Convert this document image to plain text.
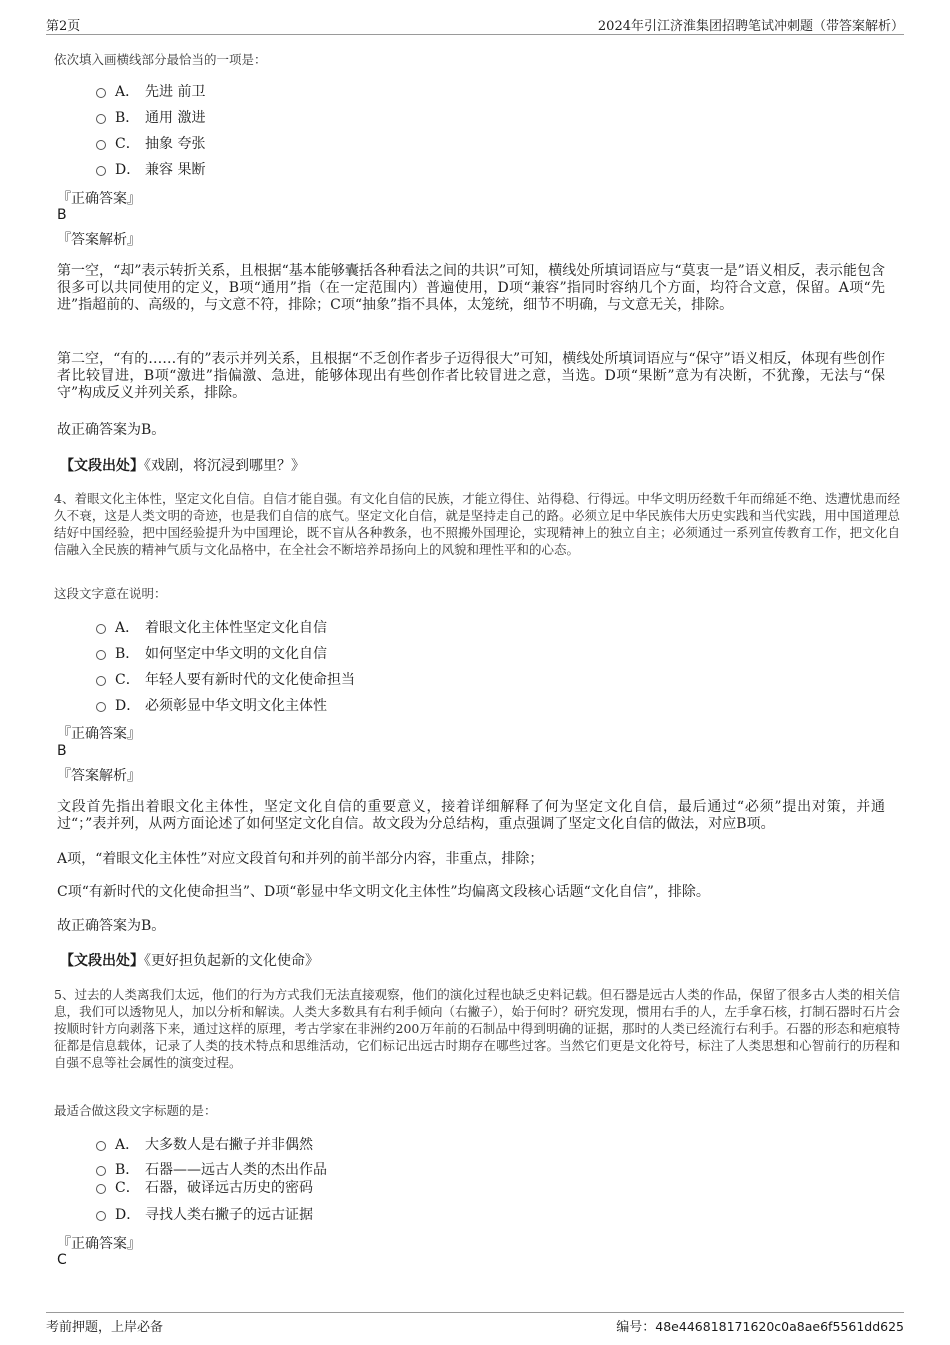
第2页	2024年引江济淮集团招聘笔试冲刺题（带答案解析）
依次填入画横线部分最恰当的一项是：
A． 先进 前卫
B． 通用 激进
C． 抽象 夸张
D． 兼容 果断
『正确答案』
B
『答案解析』
第一空，“却”表示转折关系，且根据“基本能够囊括各种看法之间的共识”可知，横线处所填词语应与“莫衷一是”语义相反，表示能包含很多可以共同使用的定义，B项“通用”指（在一定范围内）普遍使用，D项“兼容”指同时容纳几个方面，均符合文意，保留。A项“先进”指超前的、高级的，与文意不符，排除；C项“抽象”指不具体，太笼统，细节不明确，与文意无关，排除。
第二空，“有的……有的”表示并列关系，且根据“不乏创作者步子迈得很大”可知，横线处所填词语应与“保守”语义相反，体现有些创作者比较冒进，B项“激进”指偏激、急进，能够体现出有些创作者比较冒进之意，当选。D项“果断”意为有决断，不犹豫，无法与“保守”构成反义并列关系，排除。
故正确答案为B。
【文段出处】《戏剧，将沉浸到哪里？》
4、着眼文化主体性，坚定文化自信。自信才能自强。有文化自信的民族，才能立得住、站得稳、行得远。中华文明历经数千年而绵延不绝、迭遭忧患而经久不衰，这是人类文明的奇迹，也是我们自信的底气。坚定文化自信，就是坚持走自己的路。必须立足中华民族伟大历史实践和当代实践，用中国道理总结好中国经验，把中国经验提升为中国理论，既不盲从各种教条，也不照搬外国理论，实现精神上的独立自主；必须通过一系列宣传教育工作，把文化自信融入全民族的精神气质与文化品格中，在全社会不断培养昂扬向上的风貌和理性平和的心态。
这段文字意在说明：
A． 着眼文化主体性坚定文化自信
B． 如何坚定中华文明的文化自信
C． 年轻人要有新时代的文化使命担当
D． 必须彰显中华文明文化主体性
『正确答案』
B
『答案解析』
文段首先指出着眼文化主体性，坚定文化自信的重要意义，接着详细解释了何为坚定文化自信，最后通过“必须”提出对策，并通过“；”表并列，从两方面论述了如何坚定文化自信。故文段为分总结构，重点强调了坚定文化自信的做法，对应B项。
A项，“着眼文化主体性”对应文段首句和并列的前半部分内容，非重点，排除；
C项“有新时代的文化使命担当”、D项“彰显中华文明文化主体性”均偏离文段核心话题“文化自信”，排除。
故正确答案为B。
【文段出处】《更好担负起新的文化使命》
5、过去的人类离我们太远，他们的行为方式我们无法直接观察，他们的演化过程也缺乏史料记载。但石器是远古人类的作品，保留了很多古人类的相关信息，我们可以透物见人，加以分析和解读。人类大多数具有右利手倾向（右撇子），始于何时？研究发现，惯用右手的人，左手拿石核，打制石器时石片会按顺时针方向剥落下来，通过这样的原理，考古学家在非洲约200万年前的石制品中得到明确的证据，那时的人类已经流行右利手。石器的形态和疤痕特征都是信息载体，记录了人类的技术特点和思维活动，它们标记出远古时期存在哪些过客。当然它们更是文化符号，标注了人类思想和心智前行的历程和自强不息等社会属性的演变过程。
最适合做这段文字标题的是：
A． 大多数人是右撇子并非偶然
B． 石器——远古人类的杰出作品
C． 石器，破译远古历史的密码
D． 寻找人类右撇子的远古证据
『正确答案』
C
考前押题，上岸必备	编号：48e446818171620c0a8ae6f5561dd625
